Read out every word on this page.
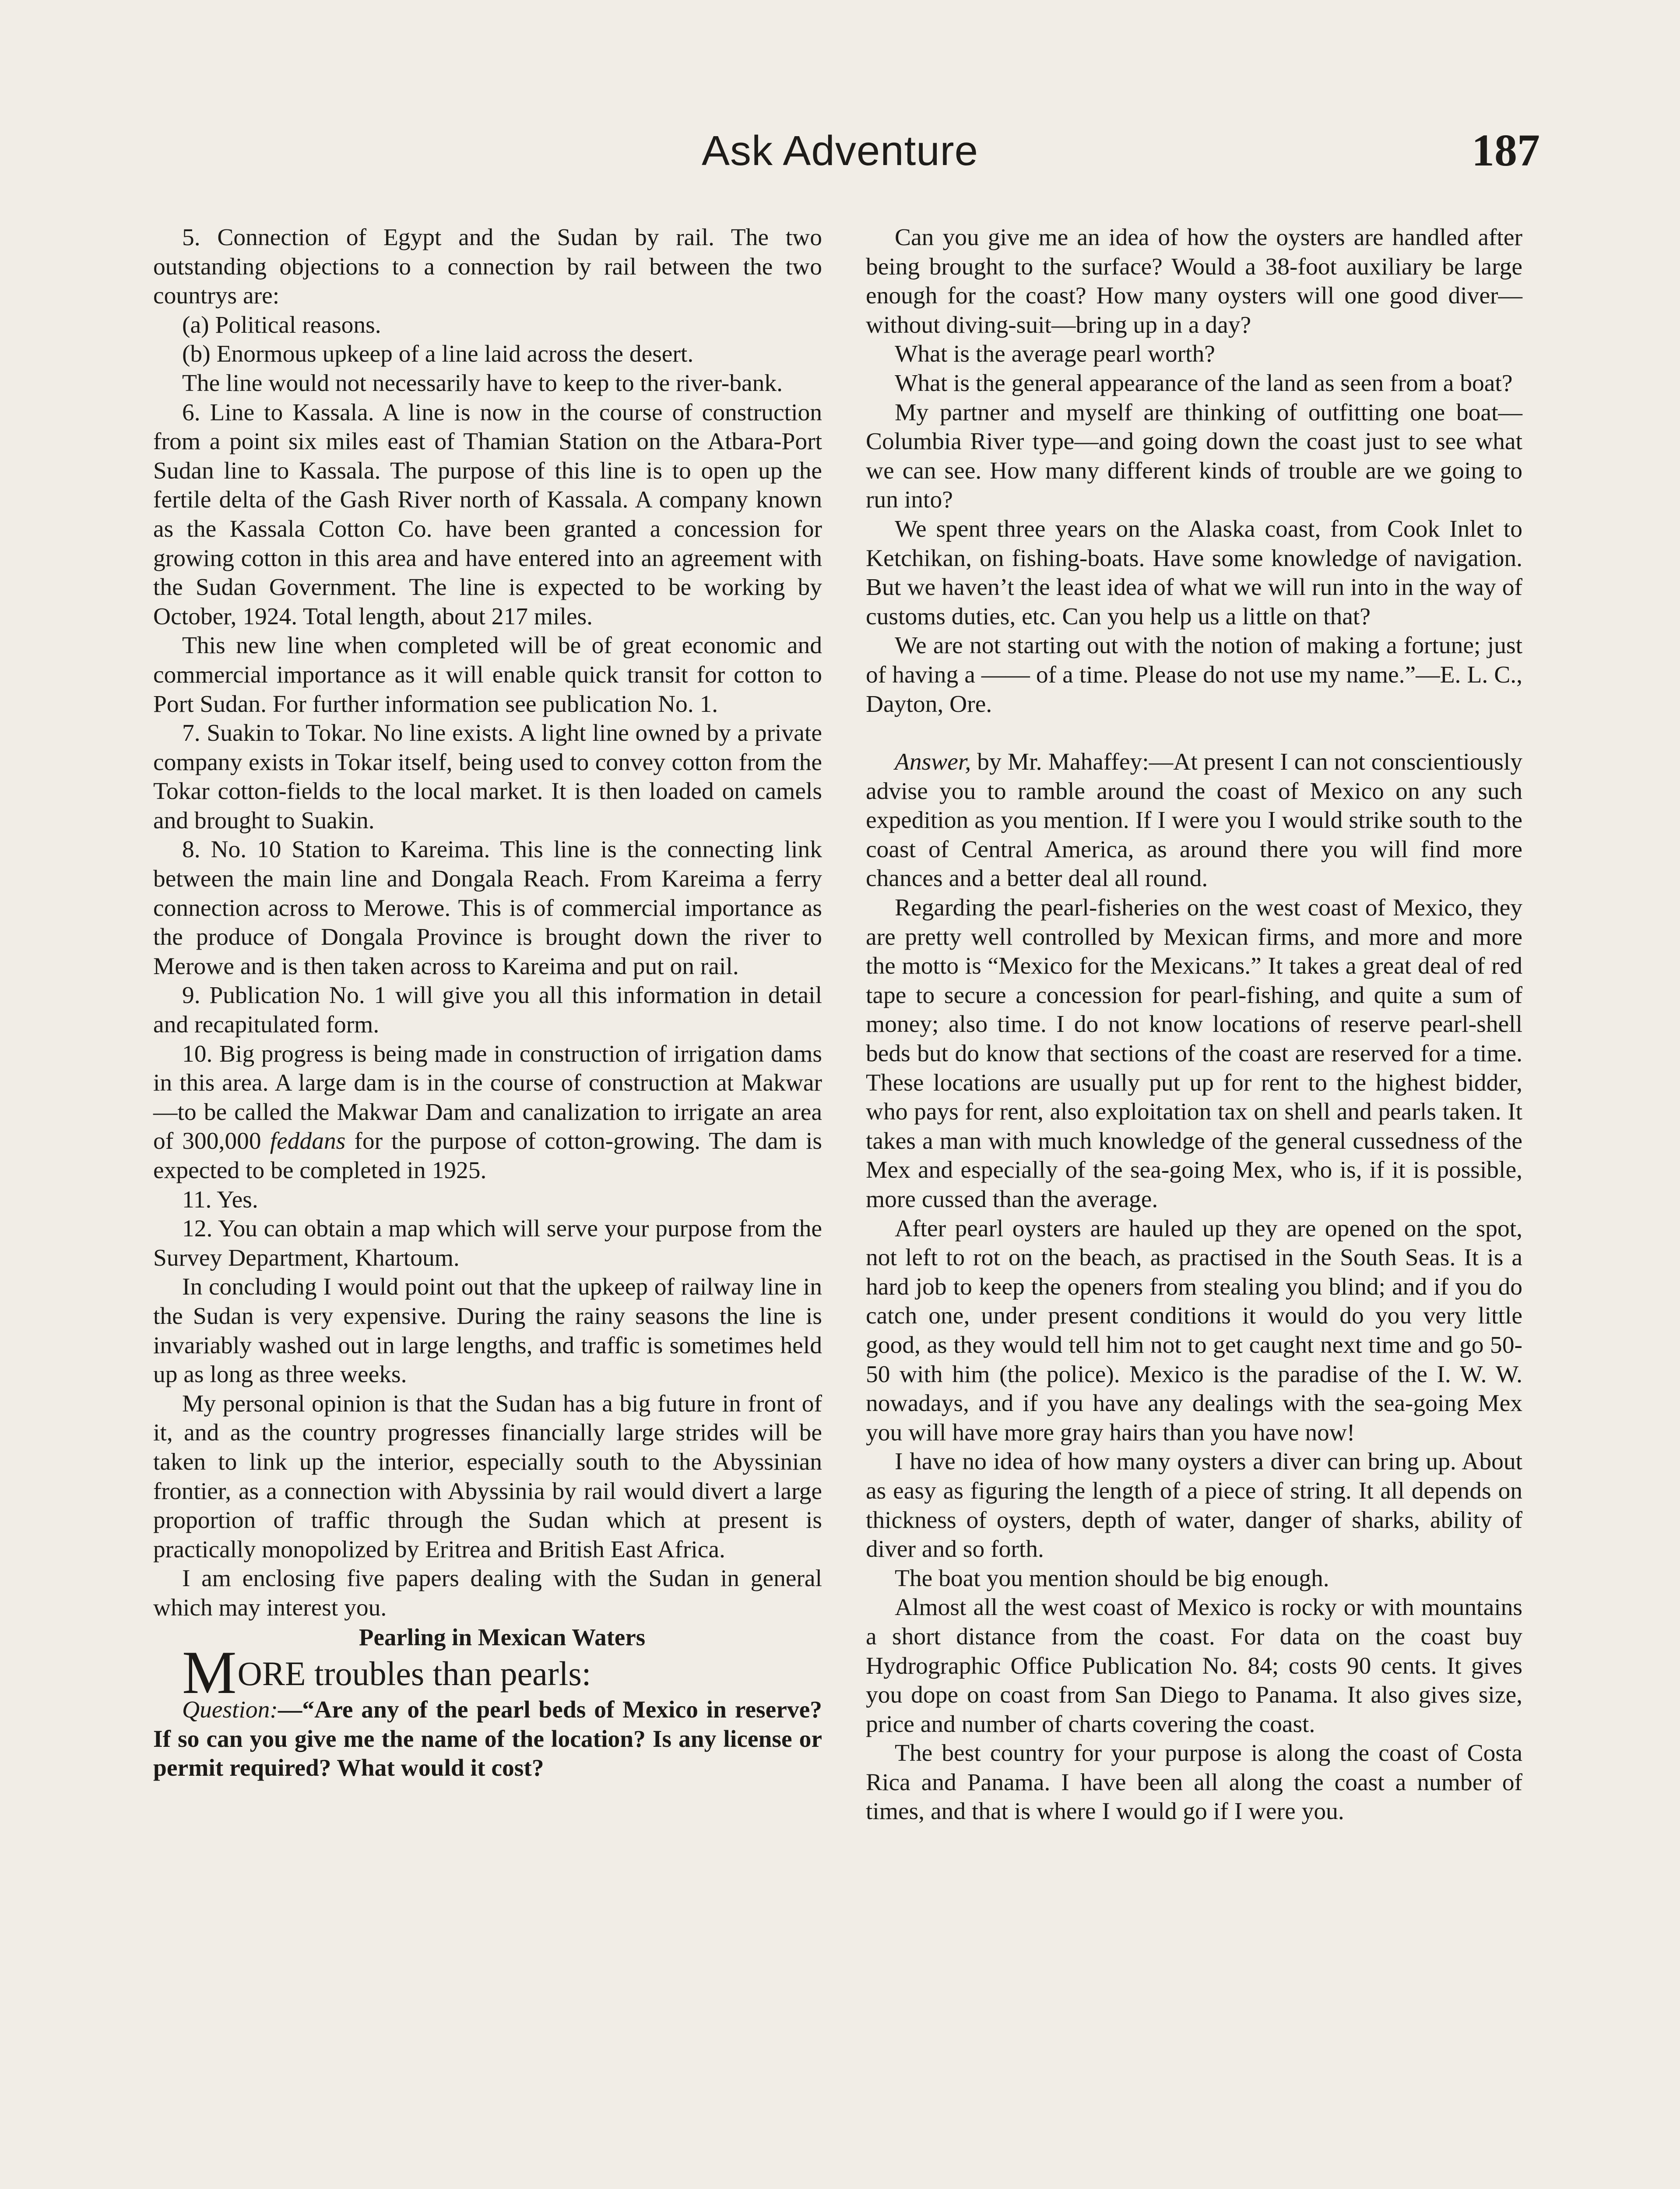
Ask Adventure	187

5. Connection of Egypt and the Sudan by rail. The two outstanding objections to a connection by rail between the two countrys are:

(a) Political reasons.

(b) Enormous upkeep of a line laid across the desert.

The line would not necessarily have to keep to the river-bank.

6. Line to Kassala. A line is now in the course of construction from a point six miles east of Thamian Station on the Atbara-Port Sudan line to Kassala. The purpose of this line is to open up the fertile delta of the Gash River north of Kassala. A company known as the Kassala Cotton Co. have been granted a concession for growing cotton in this area and have entered into an agreement with the Sudan Government. The line is expected to be working by October, 1924. Total length, about 217 miles.

This new line when completed will be of great economic and commercial importance as it will enable quick transit for cotton to Port Sudan. For further information see publication No. 1.

7. Suakin to Tokar. No line exists. A light line owned by a private company exists in Tokar itself, being used to convey cotton from the Tokar cotton-fields to the local market. It is then loaded on camels and brought to Suakin.

8. No. 10 Station to Kareima. This line is the connecting link between the main line and Dongala Reach. From Kareima a ferry connection across to Merowe. This is of commercial importance as the produce of Dongala Province is brought down the river to Merowe and is then taken across to Kareima and put on rail.

9. Publication No. 1 will give you all this information in detail and recapitulated form.

10. Big progress is being made in construction of irrigation dams in this area. A large dam is in the course of construction at Makwar—to be called the Makwar Dam and canalization to irrigate an area of 300,000 feddans for the purpose of cotton-growing. The dam is expected to be completed in 1925.

11. Yes.

12. You can obtain a map which will serve your purpose from the Survey Department, Khartoum.

In concluding I would point out that the upkeep of railway line in the Sudan is very expensive. During the rainy seasons the line is invariably washed out in large lengths, and traffic is sometimes held up as long as three weeks.

My personal opinion is that the Sudan has a big future in front of it, and as the country progresses financially large strides will be taken to link up the interior, especially south to the Abyssinian frontier, as a connection with Abyssinia by rail would divert a large proportion of traffic through the Sudan which at present is practically monopolized by Eritrea and British East Africa.

I am enclosing five papers dealing with the Sudan in general which may interest you.

Pearling in Mexican Waters

MORE troubles than pearls:

Question:—“Are any of the pearl beds of Mexico in reserve? If so can you give me the name of the location? Is any license or permit required? What would it cost?

Can you give me an idea of how the oysters are handled after being brought to the surface? Would a 38-foot auxiliary be large enough for the coast? How many oysters will one good diver—without diving-suit—bring up in a day?

What is the average pearl worth?

What is the general appearance of the land as seen from a boat?

My partner and myself are thinking of outfitting one boat—Columbia River type—and going down the coast just to see what we can see. How many different kinds of trouble are we going to run into?

We spent three years on the Alaska coast, from Cook Inlet to Ketchikan, on fishing-boats. Have some knowledge of navigation. But we haven’t the least idea of what we will run into in the way of customs duties, etc. Can you help us a little on that?

We are not starting out with the notion of making a fortune; just of having a —— of a time. Please do not use my name.”—E. L. C., Dayton, Ore.

Answer, by Mr. Mahaffey:—At present I can not conscientiously advise you to ramble around the coast of Mexico on any such expedition as you mention. If I were you I would strike south to the coast of Central America, as around there you will find more chances and a better deal all round.

Regarding the pearl-fisheries on the west coast of Mexico, they are pretty well controlled by Mexican firms, and more and more the motto is “Mexico for the Mexicans.” It takes a great deal of red tape to secure a concession for pearl-fishing, and quite a sum of money; also time. I do not know locations of reserve pearl-shell beds but do know that sections of the coast are reserved for a time. These locations are usually put up for rent to the highest bidder, who pays for rent, also exploitation tax on shell and pearls taken. It takes a man with much knowledge of the general cussedness of the Mex and especially of the sea-going Mex, who is, if it is possible, more cussed than the average.

After pearl oysters are hauled up they are opened on the spot, not left to rot on the beach, as practised in the South Seas. It is a hard job to keep the openers from stealing you blind; and if you do catch one, under present conditions it would do you very little good, as they would tell him not to get caught next time and go 50-50 with him (the police). Mexico is the paradise of the I. W. W. nowadays, and if you have any dealings with the sea-going Mex you will have more gray hairs than you have now!

I have no idea of how many oysters a diver can bring up. About as easy as figuring the length of a piece of string. It all depends on thickness of oysters, depth of water, danger of sharks, ability of diver and so forth.

The boat you mention should be big enough.

Almost all the west coast of Mexico is rocky or with mountains a short distance from the coast. For data on the coast buy Hydrographic Office Publication No. 84; costs 90 cents. It gives you dope on coast from San Diego to Panama. It also gives size, price and number of charts covering the coast.

The best country for your purpose is along the coast of Costa Rica and Panama. I have been all along the coast a number of times, and that is where I would go if I were you.
